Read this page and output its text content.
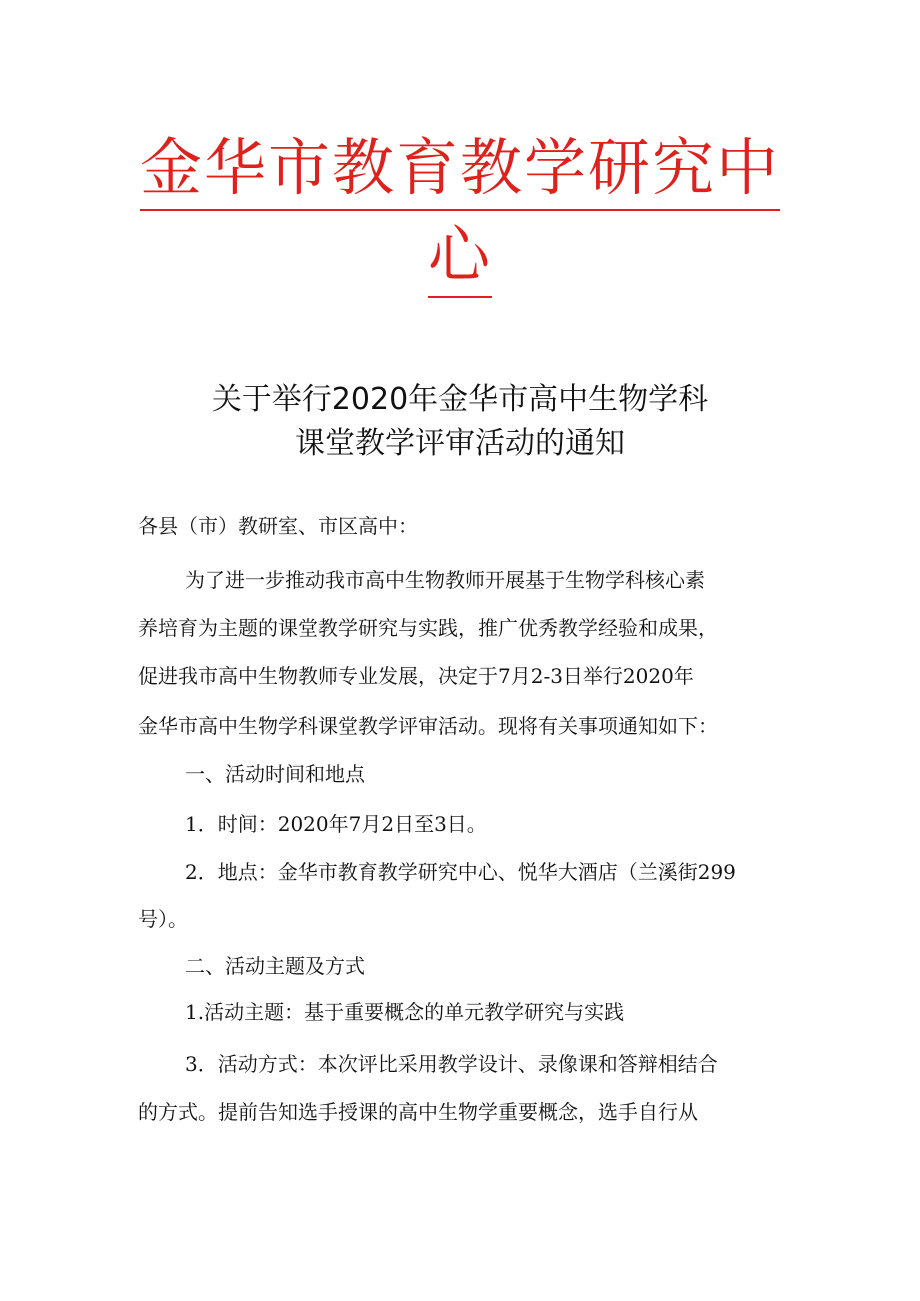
金华市教育教学研究中
心
关于举行2020年金华市高中生物学科
课堂教学评审活动的通知
各县（市）教研室、市区高中：
为了进一步推动我市高中生物教师开展基于生物学科核心素
养培育为主题的课堂教学研究与实践，推广优秀教学经验和成果，
促进我市高中生物教师专业发展，决定于7月2-3日举行2020年
金华市高中生物学科课堂教学评审活动。现将有关事项通知如下：
一、活动时间和地点
1．时间：2020年7月2日至3日。
2．地点：金华市教育教学研究中心、悦华大酒店（兰溪街299
号）。
二、活动主题及方式
1.活动主题：基于重要概念的单元教学研究与实践
3．活动方式：本次评比采用教学设计、录像课和答辩相结合
的方式。提前告知选手授课的高中生物学重要概念，选手自行从
